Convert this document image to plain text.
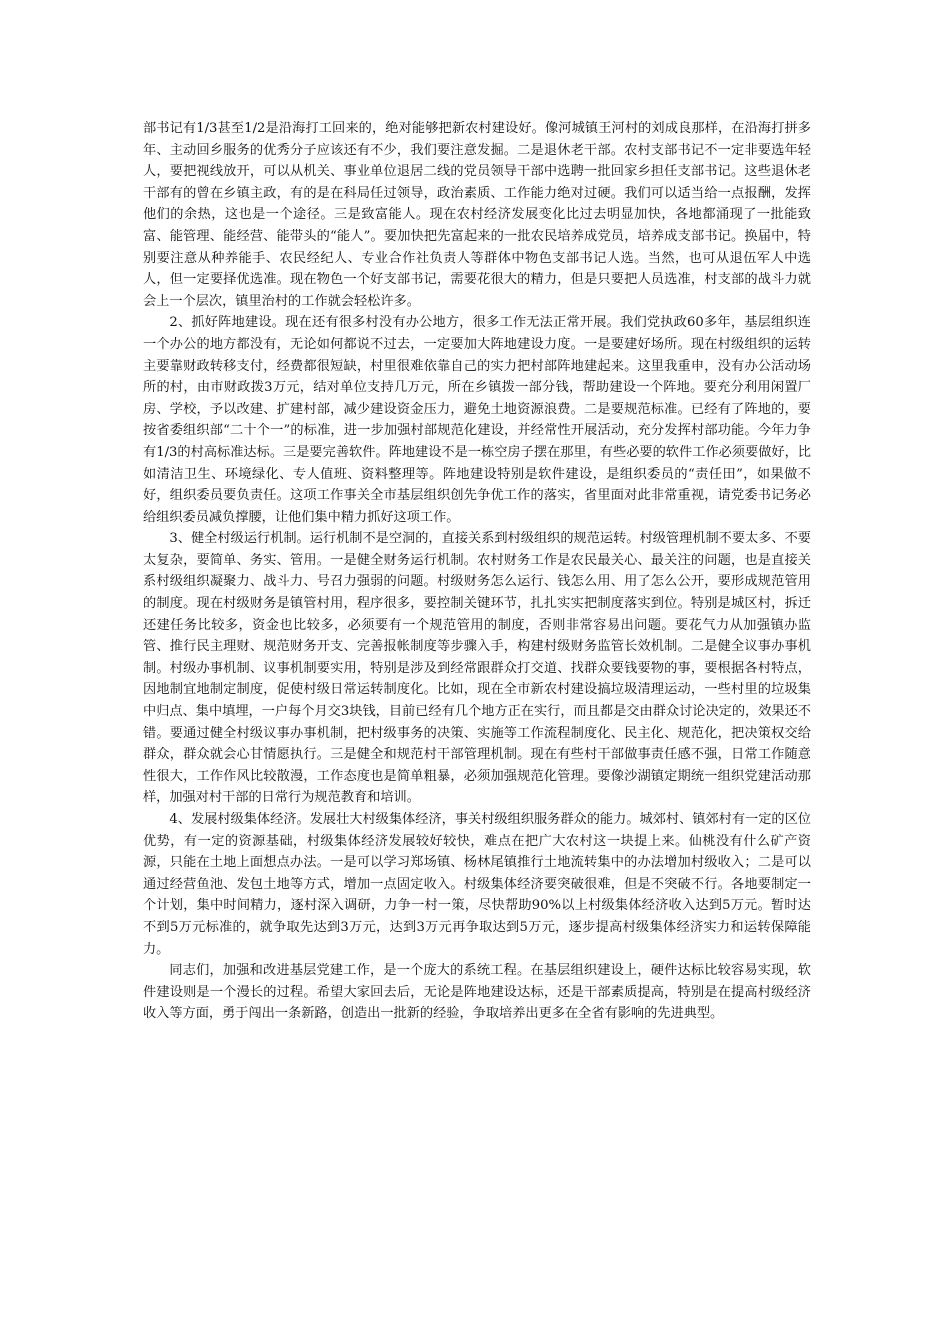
部书记有1/3甚至1/2是沿海打工回来的，绝对能够把新农村建设好。像河城镇王河村的刘成良那样，在沿海打拼多年、主动回乡服务的优秀分子应该还有不少，我们要注意发掘。二是退休老干部。农村支部书记不一定非要选年轻人，要把视线放开，可以从机关、事业单位退居二线的党员领导干部中选聘一批回家乡担任支部书记。这些退休老干部有的曾在乡镇主政，有的是在科局任过领导，政治素质、工作能力绝对过硬。我们可以适当给一点报酬，发挥他们的余热，这也是一个途径。三是致富能人。现在农村经济发展变化比过去明显加快，各地都涌现了一批能致富、能管理、能经营、能带头的“能人”。要加快把先富起来的一批农民培养成党员，培养成支部书记。换届中，特别要注意从种养能手、农民经纪人、专业合作社负责人等群体中物色支部书记人选。当然，也可从退伍军人中选人，但一定要择优选准。现在物色一个好支部书记，需要花很大的精力，但是只要把人员选准，村支部的战斗力就会上一个层次，镇里治村的工作就会轻松许多。

2、抓好阵地建设。现在还有很多村没有办公地方，很多工作无法正常开展。我们党执政60多年，基层组织连一个办公的地方都没有，无论如何都说不过去，一定要加大阵地建设力度。一是要建好场所。现在村级组织的运转主要靠财政转移支付，经费都很短缺，村里很难依靠自己的实力把村部阵地建起来。这里我重申，没有办公活动场所的村，由市财政拨3万元，结对单位支持几万元，所在乡镇拨一部分钱，帮助建设一个阵地。要充分利用闲置厂房、学校，予以改建、扩建村部，减少建设资金压力，避免土地资源浪费。二是要规范标准。已经有了阵地的，要按省委组织部“二十个一”的标准，进一步加强村部规范化建设，并经常性开展活动，充分发挥村部功能。今年力争有1/3的村高标准达标。三是要完善软件。阵地建设不是一栋空房子摆在那里，有些必要的软件工作必须要做好，比如清洁卫生、环境绿化、专人值班、资料整理等。阵地建设特别是软件建设，是组织委员的“责任田”，如果做不好，组织委员要负责任。这项工作事关全市基层组织创先争优工作的落实，省里面对此非常重视，请党委书记务必给组织委员减负撑腰，让他们集中精力抓好这项工作。

3、健全村级运行机制。运行机制不是空洞的，直接关系到村级组织的规范运转。村级管理机制不要太多、不要太复杂，要简单、务实、管用。一是健全财务运行机制。农村财务工作是农民最关心、最关注的问题，也是直接关系村级组织凝聚力、战斗力、号召力强弱的问题。村级财务怎么运行、钱怎么用、用了怎么公开，要形成规范管用的制度。现在村级财务是镇管村用，程序很多，要控制关键环节，扎扎实实把制度落实到位。特别是城区村，拆迁还建任务比较多，资金也比较多，必须要有一个规范管用的制度，否则非常容易出问题。要花气力从加强镇办监管、推行民主理财、规范财务开支、完善报帐制度等步骤入手，构建村级财务监管长效机制。二是健全议事办事机制。村级办事机制、议事机制要实用，特别是涉及到经常跟群众打交道、找群众要钱要物的事，要根据各村特点，因地制宜地制定制度，促使村级日常运转制度化。比如，现在全市新农村建设搞垃圾清理运动，一些村里的垃圾集中归点、集中填埋，一户每个月交3块钱，目前已经有几个地方正在实行，而且都是交由群众讨论决定的，效果还不错。要通过健全村级议事办事机制，把村级事务的决策、实施等工作流程制度化、民主化、规范化，把决策权交给群众，群众就会心甘情愿执行。三是健全和规范村干部管理机制。现在有些村干部做事责任感不强，日常工作随意性很大，工作作风比较散漫，工作态度也是简单粗暴，必须加强规范化管理。要像沙湖镇定期统一组织党建活动那样，加强对村干部的日常行为规范教育和培训。

4、发展村级集体经济。发展壮大村级集体经济，事关村级组织服务群众的能力。城郊村、镇郊村有一定的区位优势，有一定的资源基础，村级集体经济发展较好较快，难点在把广大农村这一块提上来。仙桃没有什么矿产资源，只能在土地上面想点办法。一是可以学习郑场镇、杨林尾镇推行土地流转集中的办法增加村级收入；二是可以通过经营鱼池、发包土地等方式，增加一点固定收入。村级集体经济要突破很难，但是不突破不行。各地要制定一个计划，集中时间精力，逐村深入调研，力争一村一策，尽快帮助90%以上村级集体经济收入达到5万元。暂时达不到5万元标准的，就争取先达到3万元，达到3万元再争取达到5万元，逐步提高村级集体经济实力和运转保障能力。

同志们，加强和改进基层党建工作，是一个庞大的系统工程。在基层组织建设上，硬件达标比较容易实现，软件建设则是一个漫长的过程。希望大家回去后，无论是阵地建设达标，还是干部素质提高，特别是在提高村级经济收入等方面，勇于闯出一条新路，创造出一批新的经验，争取培养出更多在全省有影响的先进典型。
